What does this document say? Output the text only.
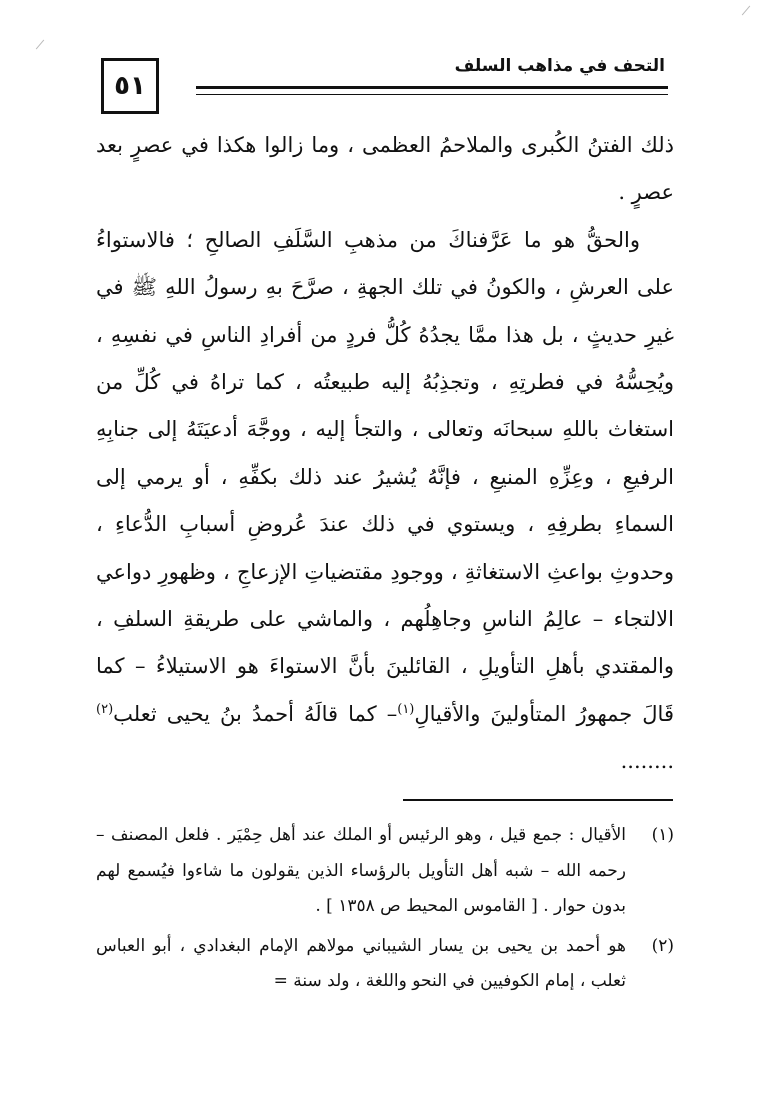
٥١
التحف في مذاهب السلف

ذلك الفتنُ الكُبرى والملاحمُ العظمى ، وما زالوا هكذا في عصرٍ بعد عصرٍ .

والحقُّ هو ما عَرَّفناكَ من مذهبِ السَّلَفِ الصالحِ ؛ فالاستواءُ على العرشِ ، والكونُ في تلك الجهةِ ، صرَّحَ بهِ رسولُ اللهِ ﷺ في غيرِ حديثٍ ، بل هذا ممَّا يجدُهُ كُلُّ فردٍ من أفرادِ الناسِ في نفسِهِ ، ويُحِسُّهُ في فطرتِهِ ، وتجذِبُهُ إليه طبيعتُه ، كما تراهُ في كُلِّ من استغاث باللهِ سبحانَه وتعالى ، والتجأ إليه ، ووجَّهَ أدعيَتَهُ إلى جنابِهِ الرفيعِ ، وعِزِّهِ المنيعِ ، فإنَّهُ يُشيرُ عند ذلك بكفِّهِ ، أو يرمي إلى السماءِ بطرفِهِ ، ويستوي في ذلك عندَ عُروضِ أسبابِ الدُّعاءِ ، وحدوثِ بواعثِ الاستغاثةِ ، ووجودِ مقتضياتِ الإزعاجِ ، وظهورِ دواعي الالتجاء – عالِمُ الناسِ وجاهِلُهم ، والماشي على طريقةِ السلفِ ، والمقتدي بأهلِ التأويلِ ، القائلينَ بأنَّ الاستواءَ هو الاستيلاءُ – كما قَالَ جمهورُ المتأولينَ والأقيالِ$^{(١)}$– كما قالَهُ أحمدُ بنُ يحيى ثعلب$^{(٢)}$ ........

(١)
الأقيال : جمع قيل ، وهو الرئيس أو الملك عند أهل حِمْيَر . فلعل المصنف – رحمه الله – شبه أهل التأويل بالرؤساء الذين يقولون ما شاءوا فيُسمع لهم بدون حوار . [ القاموس المحيط ص ١٣٥٨ ] .
(٢)
هو أحمد بن يحيى بن يسار الشيباني مولاهم الإمام البغدادي ، أبو العباس ثعلب ، إمام الكوفيين في النحو واللغة ، ولد سنة =
